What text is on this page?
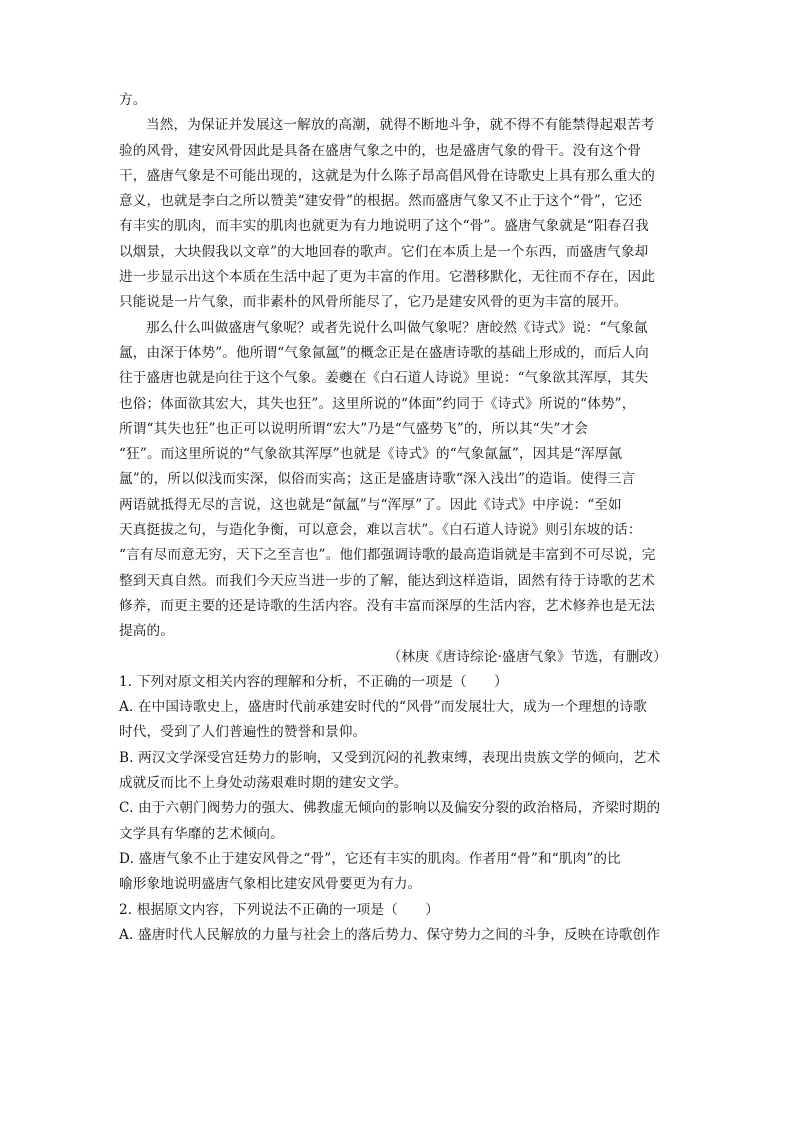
方。
当然，为保证并发展这一解放的高潮，就得不断地斗争，就不得不有能禁得起艰苦考
验的风骨，建安风骨因此是具备在盛唐气象之中的，也是盛唐气象的骨干。没有这个骨
干，盛唐气象是不可能出现的，这就是为什么陈子昂高倡风骨在诗歌史上具有那么重大的
意义，也就是李白之所以赞美“建安骨”的根据。然而盛唐气象又不止于这个“骨”，它还
有丰实的肌肉，而丰实的肌肉也就更为有力地说明了这个“骨”。盛唐气象就是“阳春召我
以烟景，大块假我以文章”的大地回春的歌声。它们在本质上是一个东西，而盛唐气象却
进一步显示出这个本质在生活中起了更为丰富的作用。它潜移默化，无往而不存在，因此
只能说是一片气象，而非素朴的风骨所能尽了，它乃是建安风骨的更为丰富的展开。
那么什么叫做盛唐气象呢？或者先说什么叫做气象呢？唐皎然《诗式》说：“气象氤
氲，由深于体势”。他所谓“气象氤氲”的概念正是在盛唐诗歌的基础上形成的，而后人向
往于盛唐也就是向往于这个气象。姜夔在《白石道人诗说》里说：“气象欲其浑厚，其失
也俗；体面欲其宏大，其失也狂”。这里所说的“体面”约同于《诗式》所说的“体势”，
所谓“其失也狂”也正可以说明所谓“宏大”乃是“气盛势飞”的，所以其“失”才会
“狂”。而这里所说的“气象欲其浑厚”也就是《诗式》的“气象氤氲”，因其是“浑厚氤
氲”的，所以似浅而实深，似俗而实高；这正是盛唐诗歌“深入浅出”的造诣。使得三言
两语就抵得无尽的言说，这也就是“氤氲”与“浑厚”了。因此《诗式》中序说：“至如
天真挺拔之句，与造化争衡，可以意会，难以言状”。《白石道人诗说》则引东坡的话：
“言有尽而意无穷，天下之至言也”。他们都强调诗歌的最高造诣就是丰富到不可尽说，完
整到天真自然。而我们今天应当进一步的了解，能达到这样造诣，固然有待于诗歌的艺术
修养，而更主要的还是诗歌的生活内容。没有丰富而深厚的生活内容，艺术修养也是无法
提高的。
（林庚《唐诗综论·盛唐气象》节选，有删改）
1. 下列对原文相关内容的理解和分析，不正确的一项是（　　）
A. 在中国诗歌史上，盛唐时代前承建安时代的“风骨”而发展壮大，成为一个理想的诗歌
时代，受到了人们普遍性的赞誉和景仰。
B. 两汉文学深受宫廷势力的影响，又受到沉闷的礼教束缚，表现出贵族文学的倾向，艺术
成就反而比不上身处动荡艰难时期的建安文学。
C. 由于六朝门阀势力的强大、佛教虚无倾向的影响以及偏安分裂的政治格局，齐梁时期的
文学具有华靡的艺术倾向。
D. 盛唐气象不止于建安风骨之“骨”，它还有丰实的肌肉。作者用“骨”和“肌肉”的比
喻形象地说明盛唐气象相比建安风骨要更为有力。
2. 根据原文内容，下列说法不正确的一项是（　　）
A. 盛唐时代人民解放的力量与社会上的落后势力、保守势力之间的斗争，反映在诗歌创作
